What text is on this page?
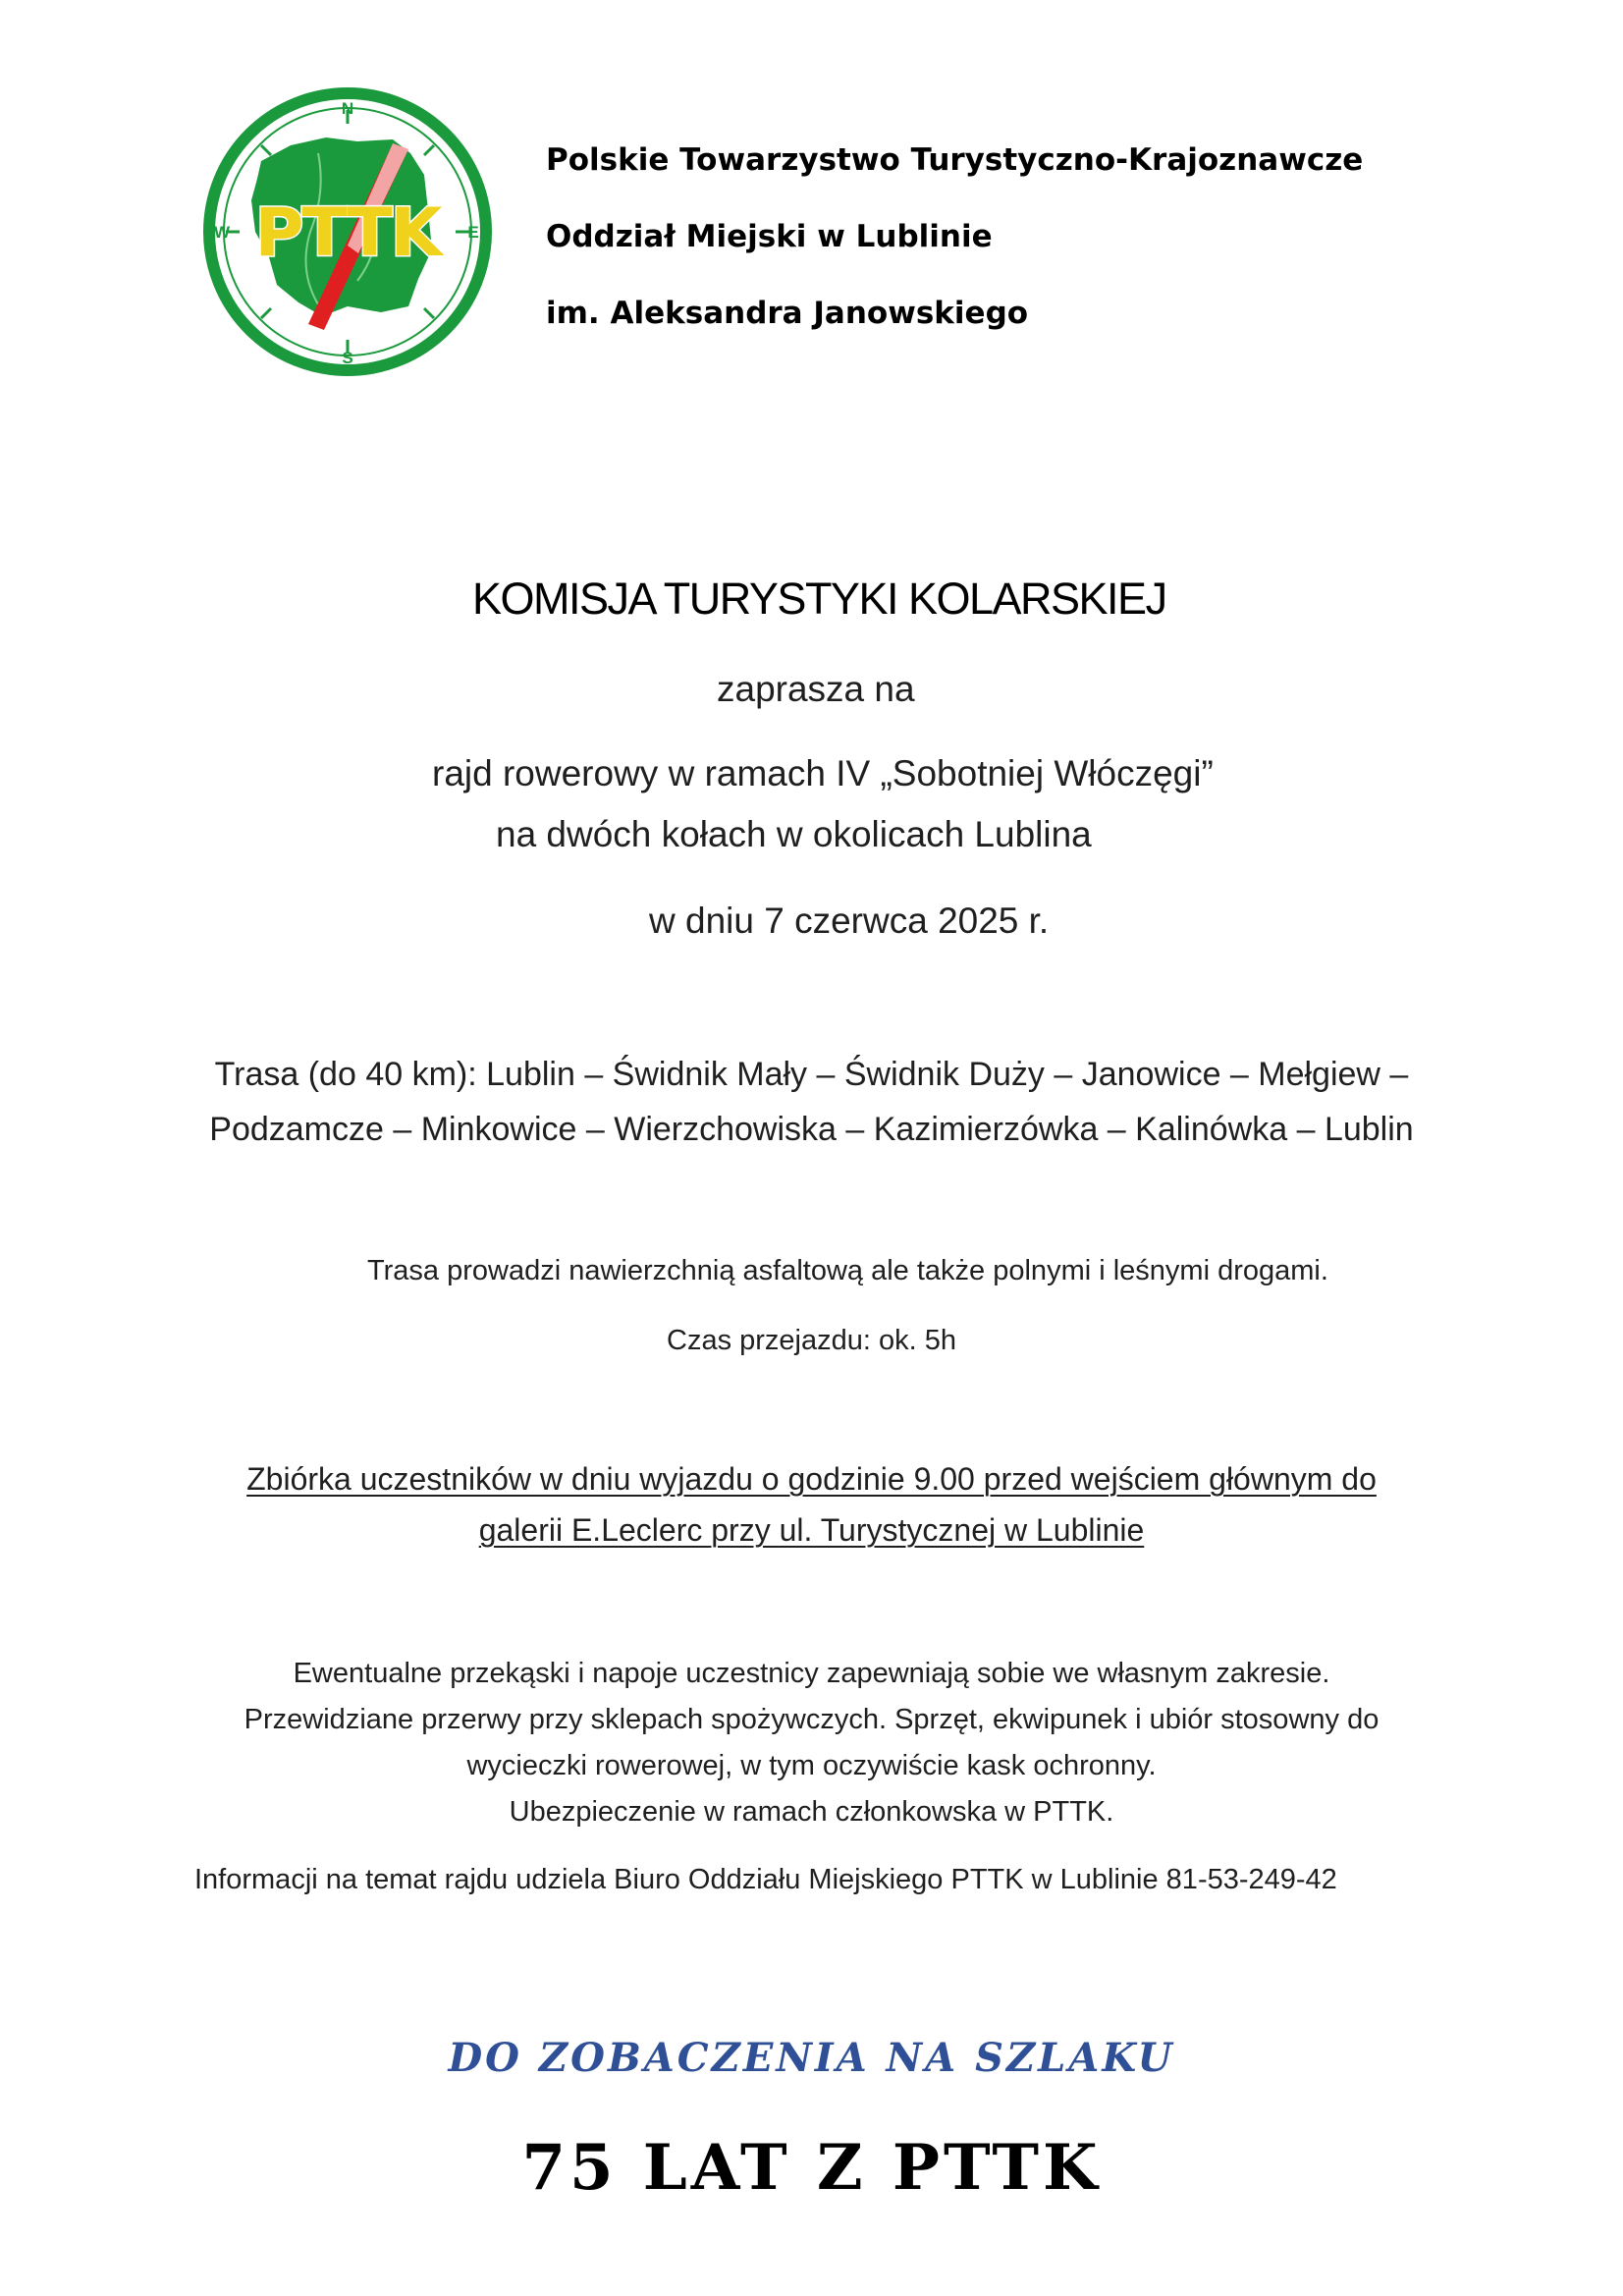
N
S
W	E
PTTK
Polskie Towarzystwo Turystyczno-Krajoznawcze
Oddział Miejski w Lublinie
im. Aleksandra Janowskiego
KOMISJA TURYSTYKI KOLARSKIEJ
zaprasza na
rajd rowerowy w ramach IV „Sobotniej Włóczęgi”
na dwóch kołach w okolicach Lublina
w dniu 7 czerwca 2025 r.
Trasa (do 40 km): Lublin – Świdnik Mały – Świdnik Duży – Janowice – Mełgiew –
Podzamcze – Minkowice – Wierzchowiska – Kazimierzówka – Kalinówka – Lublin
Trasa prowadzi nawierzchnią asfaltową ale także polnymi i leśnymi drogami.
Czas przejazdu: ok. 5h
Zbiórka uczestników w dniu wyjazdu o godzinie 9.00 przed wejściem głównym do
galerii E.Leclerc przy ul. Turystycznej w Lublinie
Ewentualne przekąski i napoje uczestnicy zapewniają sobie we własnym zakresie.
Przewidziane przerwy przy sklepach spożywczych. Sprzęt, ekwipunek i ubiór stosowny do
wycieczki rowerowej, w tym oczywiście kask ochronny.
Ubezpieczenie w ramach członkowska w PTTK.
Informacji na temat rajdu udziela Biuro Oddziału Miejskiego PTTK w Lublinie 81-53-249-42
DO ZOBACZENIA NA SZLAKU
75 LAT Z PTTK
